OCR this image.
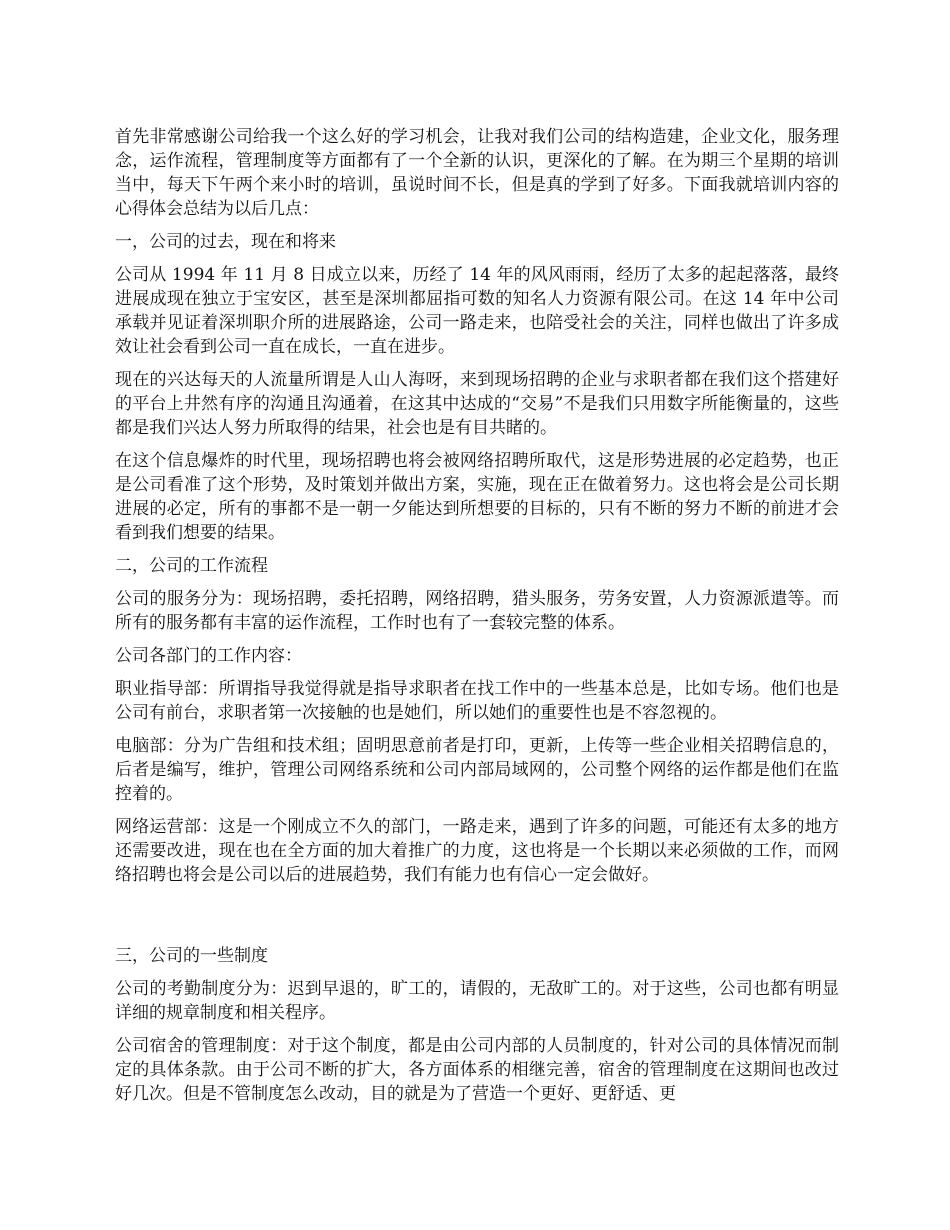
首先非常感谢公司给我一个这么好的学习机会，让我对我们公司的结构造建，企业文化，服务理念，运作流程，管理制度等方面都有了一个全新的认识，更深化的了解。在为期三个星期的培训当中，每天下午两个来小时的培训，虽说时间不长，但是真的学到了好多。下面我就培训内容的心得体会总结为以后几点：

一，公司的过去，现在和将来

公司从 1994 年 11 月 8 日成立以来，历经了 14 年的风风雨雨，经历了太多的起起落落，最终进展成现在独立于宝安区，甚至是深圳都屈指可数的知名人力资源有限公司。在这 14 年中公司承载并见证着深圳职介所的进展路途，公司一路走来，也陪受社会的关注，同样也做出了许多成效让社会看到公司一直在成长，一直在进步。

现在的兴达每天的人流量所谓是人山人海呀，来到现场招聘的企业与求职者都在我们这个搭建好的平台上井然有序的沟通且沟通着，在这其中达成的“交易”不是我们只用数字所能衡量的，这些都是我们兴达人努力所取得的结果，社会也是有目共睹的。

在这个信息爆炸的时代里，现场招聘也将会被网络招聘所取代，这是形势进展的必定趋势，也正是公司看准了这个形势，及时策划并做出方案，实施，现在正在做着努力。这也将会是公司长期进展的必定，所有的事都不是一朝一夕能达到所想要的目标的，只有不断的努力不断的前进才会看到我们想要的结果。

二，公司的工作流程

公司的服务分为：现场招聘，委托招聘，网络招聘，猎头服务，劳务安置，人力资源派遣等。而所有的服务都有丰富的运作流程，工作时也有了一套较完整的体系。

公司各部门的工作内容：

职业指导部：所谓指导我觉得就是指导求职者在找工作中的一些基本总是，比如专场。他们也是公司有前台，求职者第一次接触的也是她们，所以她们的重要性也是不容忽视的。

电脑部：分为广告组和技术组；固明思意前者是打印，更新，上传等一些企业相关招聘信息的，后者是编写，维护，管理公司网络系统和公司内部局域网的，公司整个网络的运作都是他们在监控着的。

网络运营部：这是一个刚成立不久的部门，一路走来，遇到了许多的问题，可能还有太多的地方还需要改进，现在也在全方面的加大着推广的力度，这也将是一个长期以来必须做的工作，而网络招聘也将会是公司以后的进展趋势，我们有能力也有信心一定会做好。

三，公司的一些制度

公司的考勤制度分为：迟到早退的，旷工的，请假的，无敌旷工的。对于这些，公司也都有明显详细的规章制度和相关程序。

公司宿舍的管理制度：对于这个制度，都是由公司内部的人员制度的，针对公司的具体情况而制定的具体条款。由于公司不断的扩大，各方面体系的相继完善，宿舍的管理制度在这期间也改过好几次。但是不管制度怎么改动，目的就是为了营造一个更好、更舒适、更
